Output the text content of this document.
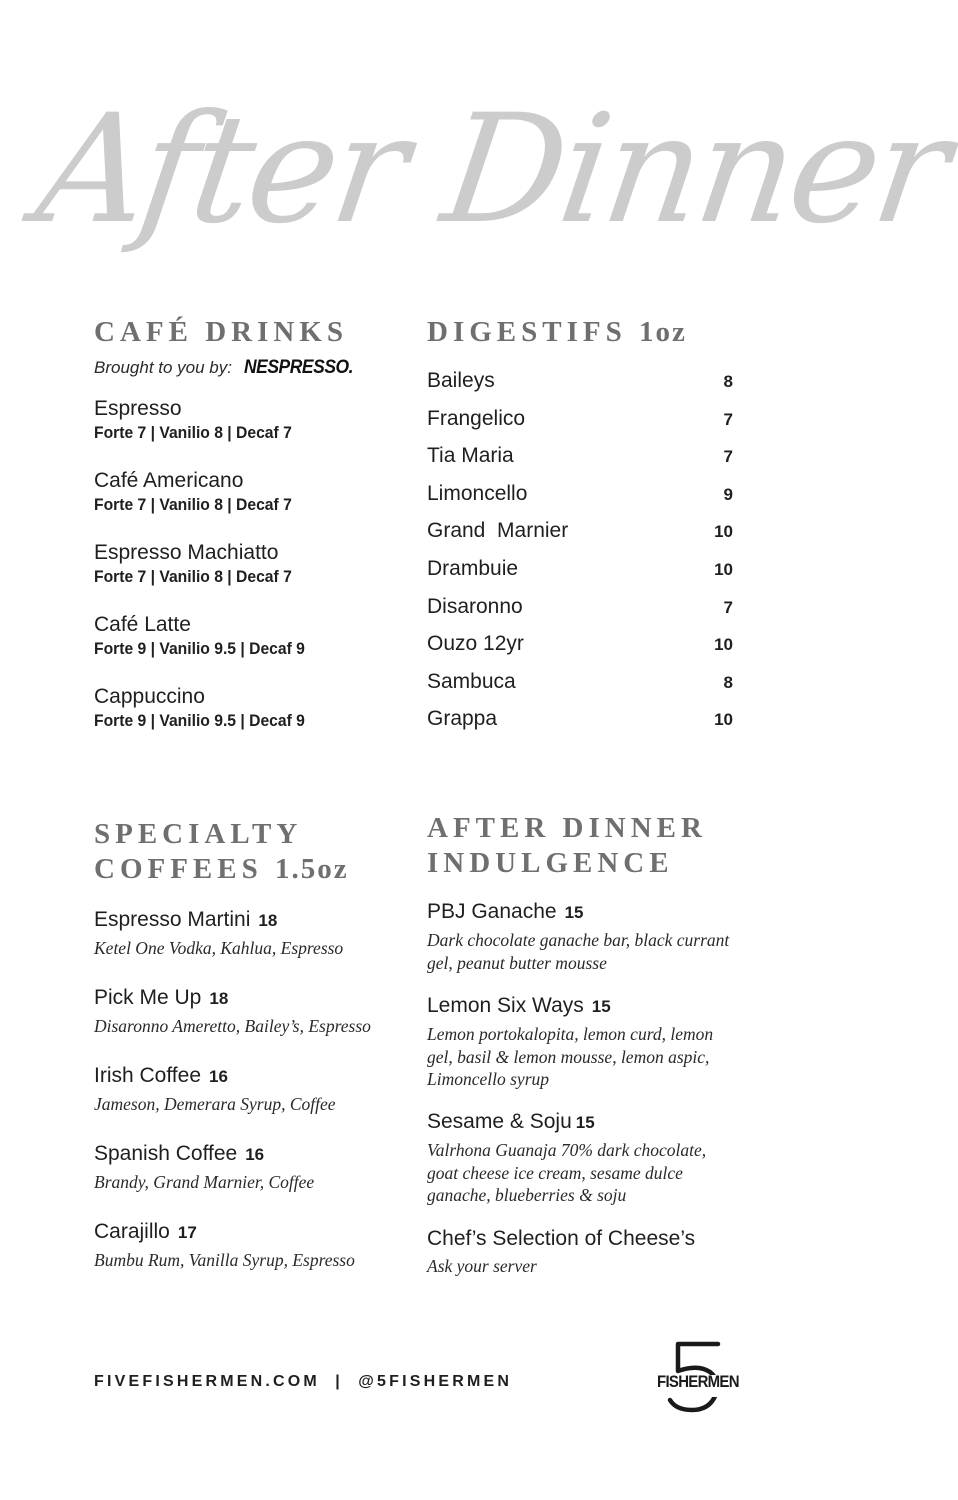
After Dinner
CAFÉ DRINKS
Brought to you by: NESPRESSO.
Espresso
Forte 7 | Vanilio 8 | Decaf 7
Café Americano
Forte 7 | Vanilio 8 | Decaf 7
Espresso Machiatto
Forte 7 | Vanilio 8 | Decaf 7
Café Latte
Forte 9 | Vanilio 9.5 | Decaf 9
Cappuccino
Forte 9 | Vanilio 9.5 | Decaf 9
DIGESTIFS 1oz
Baileys	8
Frangelico	7
Tia Maria	7
Limoncello	9
Grand  Marnier	10
Drambuie	10
Disaronno	7
Ouzo 12yr	10
Sambuca	8
Grappa	10
SPECIALTY
COFFEES 1.5oz
Espresso Martini 18
Ketel One Vodka, Kahlua, Espresso
Pick Me Up 18
Disaronno Ameretto, Bailey’s, Espresso
Irish Coffee 16
Jameson, Demerara Syrup, Coffee
Spanish Coffee 16
Brandy, Grand Marnier, Coffee
Carajillo 17
Bumbu Rum, Vanilla Syrup, Espresso
AFTER DINNER
INDULGENCE
PBJ Ganache 15
Dark chocolate ganache bar, black currant gel, peanut butter mousse
Lemon Six Ways 15
Lemon portokalopita, lemon curd, lemon gel, basil & lemon mousse, lemon aspic, Limoncello syrup
Sesame & Soju 15
Valrhona Guanaja 70% dark chocolate, goat cheese ice cream, sesame dulce ganache, blueberries & soju
Chef’s Selection of Cheese’s
Ask your server
FIVEFISHERMEN.COM  |  @5FISHERMEN	FISHERMEN
